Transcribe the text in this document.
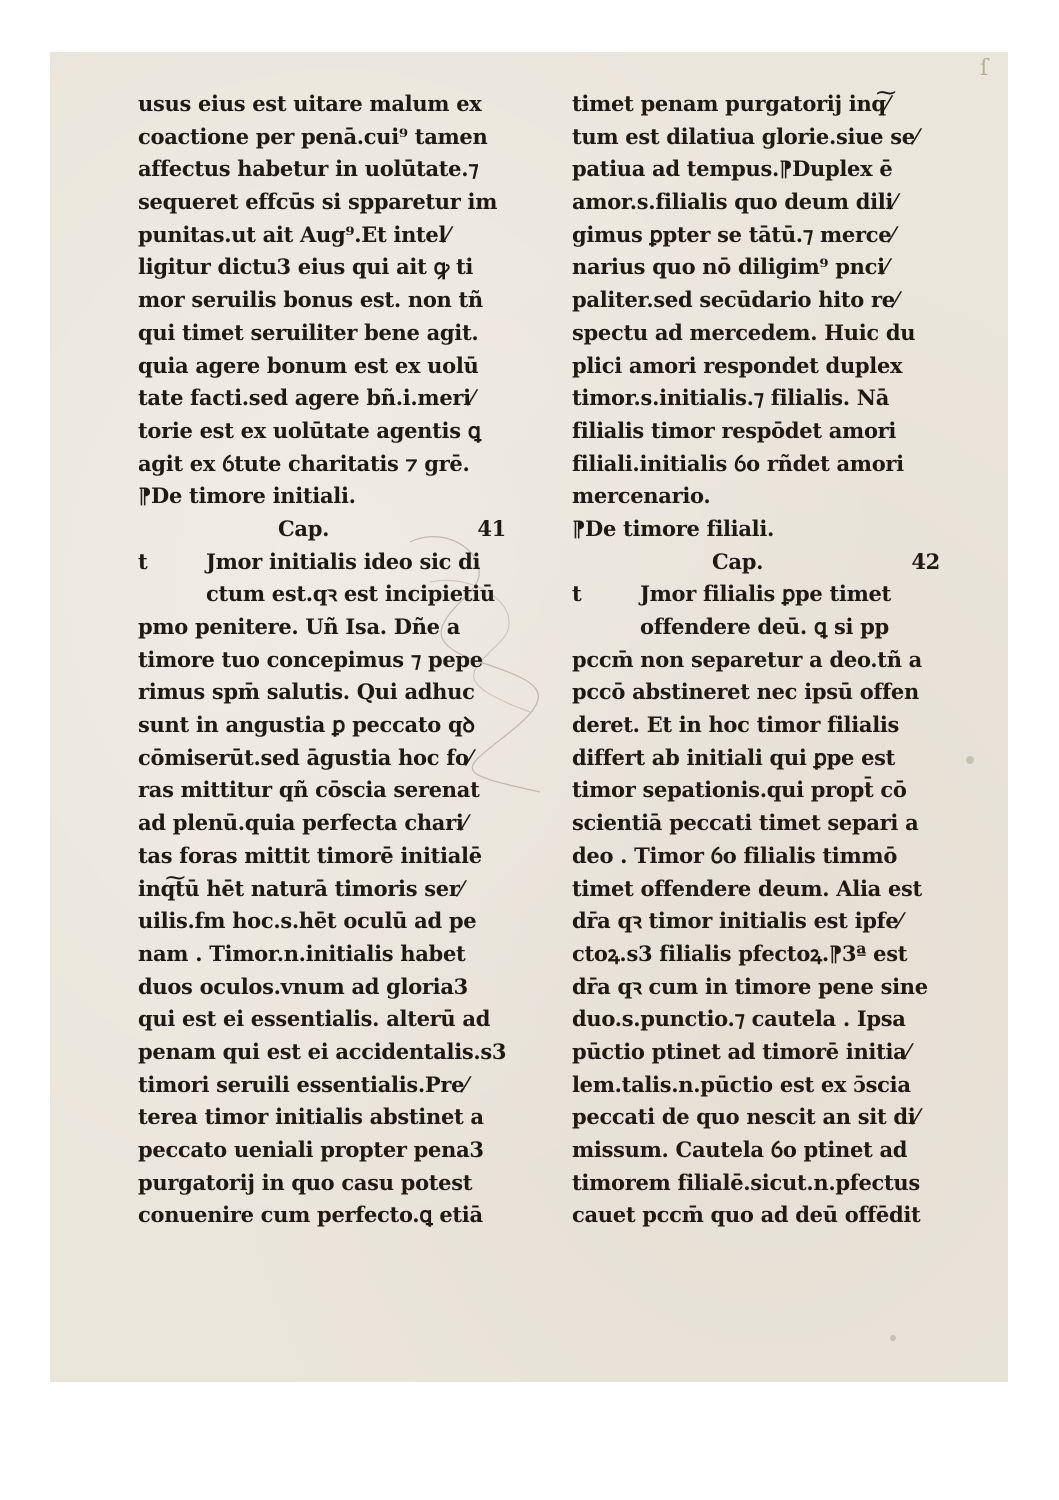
ſ
usus eius est uitare malum ex
coactione per penā.cui⁹ tamen
affectus habetur in uolūtate.⁊
sequeret effcūs si spparetur im
punitas.ut ait Aug⁹.Et intel⁄
ligitur dictu3 eius qui ait ꝙ ti
mor seruilis bonus est. non tñ
qui timet seruiliter bene agit.
quia agere bonum est ex uolū
tate facti.sed agere bñ.i.meri⁄
torie est ex uolūtate agentis ꝗ
agit ex ỽtute charitatis ⁊ grē.
⁋De timore initiali.
Cap.	41
t	Jmor initialis ideo sic di
ctum est.qꝛ est incipietiū
pmo penitere. Uñ Isa. Dñe a
timore tuo concepimus ⁊ pepe
rimus spm̄ salutis. Qui adhuc
sunt in angustia ꝑ peccato qꝺ
cōmiserūt.sed āgustia hoc fo⁄
ras mittitur qñ cōscia serenat
ad plenū.quia perfecta chari⁄
tas foras mittit timorē initialē
inq͠tū hēt naturā timoris ser⁄
uilis.fm hoc.s.hēt oculū ad pe
nam . Timor.n.initialis habet
duos oculos.vnum ad gloria3
qui est ei essentialis. alterū ad
penam qui est ei accidentalis.s3
timori seruili essentialis.Pre⁄
terea timor initialis abstinet a
peccato ueniali propter pena3
purgatorij in quo casu potest
conuenire cum perfecto.ꝗ etiā
timet penam purgatorij inq͠⁄
tum est dilatiua glorie.siue se⁄
patiua ad tempus.⁋Duplex ē
amor.s.filialis quo deum dili⁄
gimus ꝑpter se tātū.⁊ merce⁄
narius quo nō diligim⁹ pnci⁄
paliter.sed secūdario hito re⁄
spectu ad mercedem. Huic du
plici amori respondet duplex
timor.s.initialis.⁊ filialis. Nā
filialis timor respōdet amori
filiali.initialis ỽo rñdet amori
mercenario.
⁋De timore filiali.
Cap.	42
t	Jmor filialis ꝑpe timet
offendere deū. ꝗ si pp
pccm̄ non separetur a deo.tñ a
pccō abstineret nec ipsū offen
deret. Et in hoc timor filialis
differt ab initiali qui ꝑpe est
timor sepationis.qui propt̄ cō
scientiā peccati timet separi a
deo . Timor ỽo filialis timmō
timet offendere deum. Alia est
dr̄a qꝛ timor initialis est ipfe⁄
ctoꝝ.s3 filialis pfectoꝝ.⁋3ª est
dr̄a qꝛ cum in timore pene sine
duo.s.punctio.⁊ cautela . Ipsa
pūctio ptinet ad timorē initia⁄
lem.talis.n.pūctio est ex ɔ̄scia
peccati de quo nescit an sit di⁄
missum. Cautela ỽo ptinet ad
timorem filialē.sicut.n.pfectus
cauet pccm̄ quo ad deū offēdit
